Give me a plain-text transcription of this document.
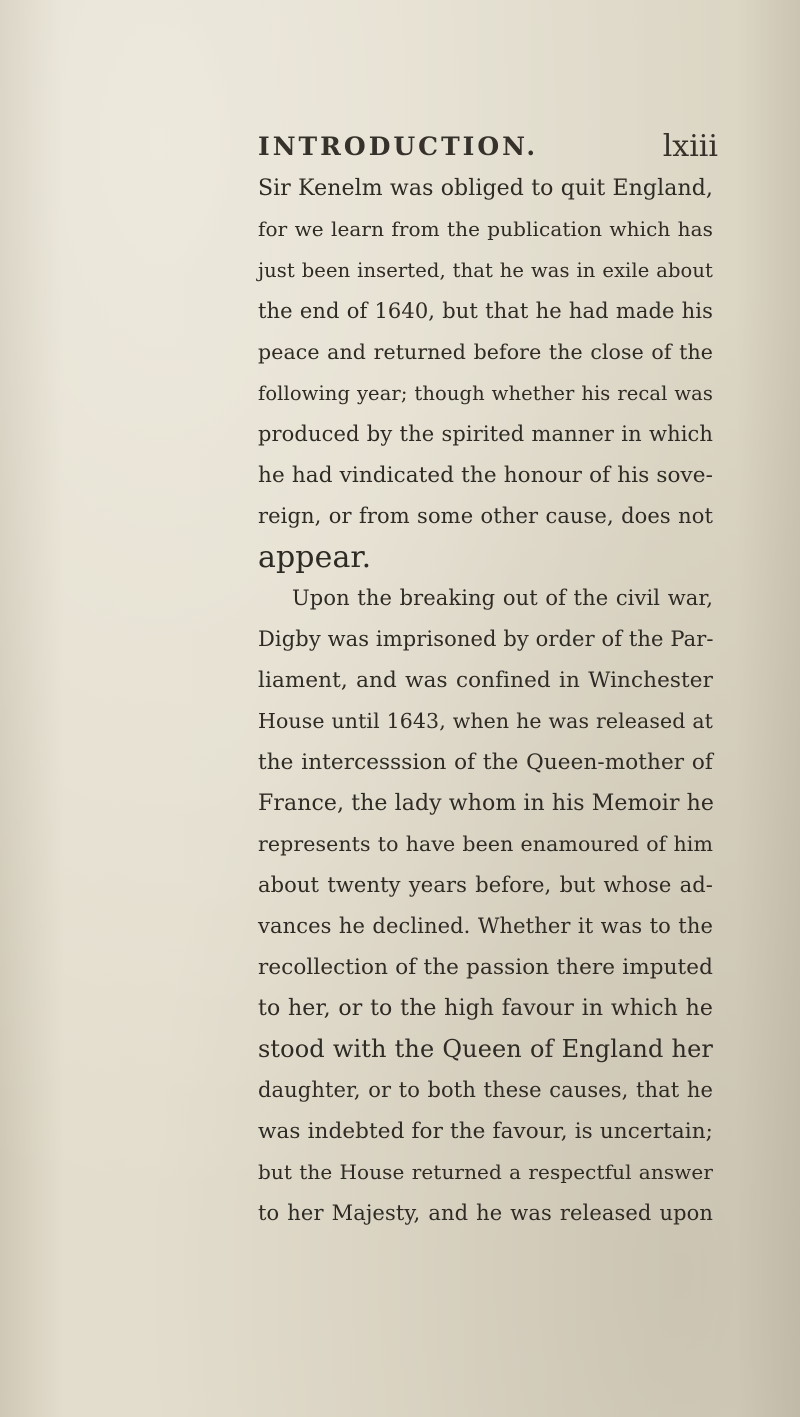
INTRODUCTION.	lxiii

Sir Kenelm was obliged to quit England,

for we learn from the publication which has

just been inserted, that he was in exile about

the end of 1640, but that he had made his

peace and returned before the close of the

following year; though whether his recal was

produced by the spirited manner in which

he had vindicated the honour of his sove-

reign, or from some other cause, does not

appear.

Upon the breaking out of the civil war,

Digby was imprisoned by order of the Par-

liament, and was confined in Winchester

House until 1643, when he was released at

the intercesssion of the Queen-mother of

France, the lady whom in his Memoir he

represents to have been enamoured of him

about twenty years before, but whose ad-

vances he declined. Whether it was to the

recollection of the passion there imputed

to her, or to the high favour in which he

stood with the Queen of England her

daughter, or to both these causes, that he

was indebted for the favour, is uncertain;

but the House returned a respectful answer

to her Majesty, and he was released upon
